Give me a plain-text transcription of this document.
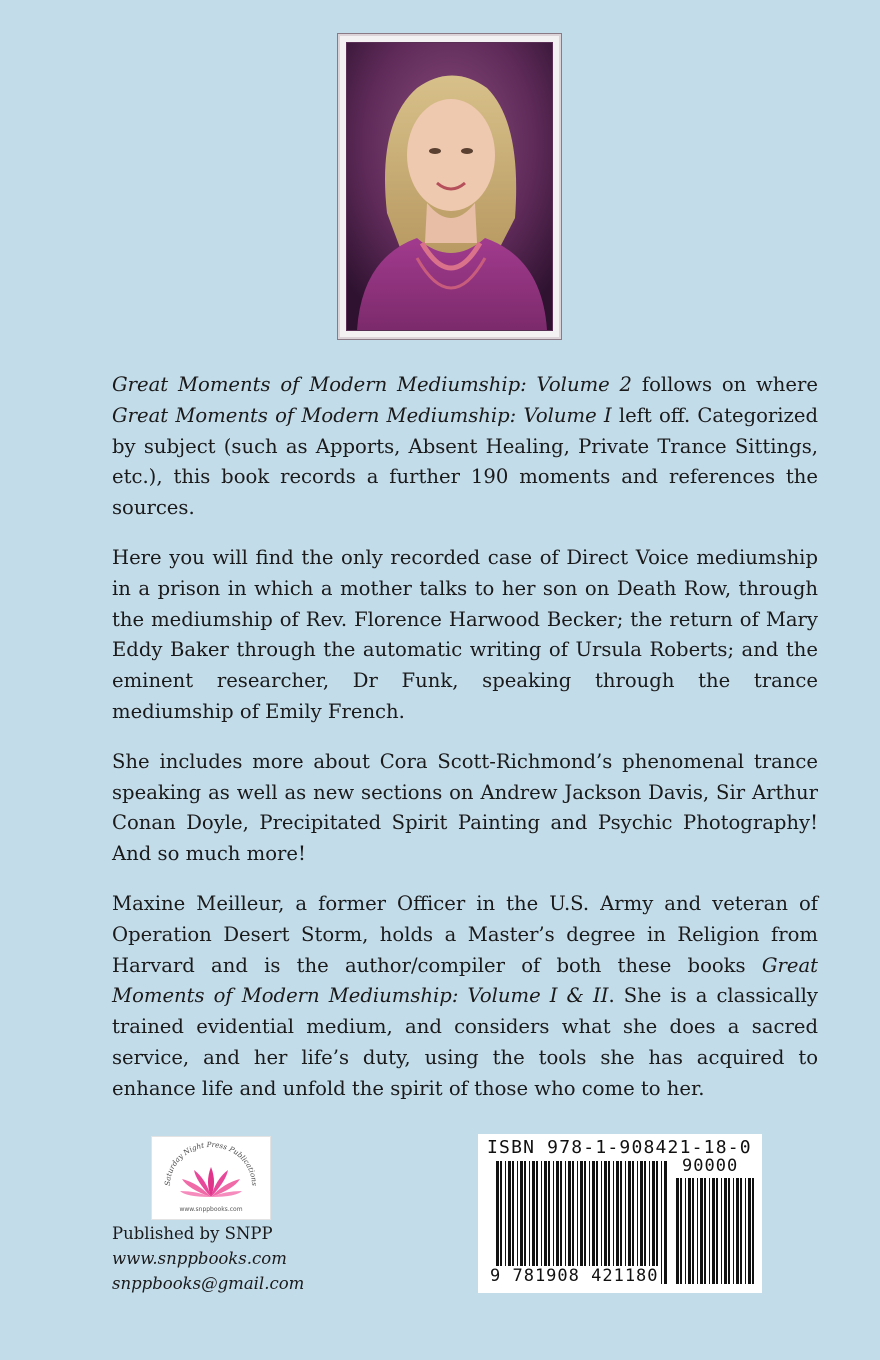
Great Moments of Modern Mediumship: Volume 2 follows on where Great Moments of Modern Mediumship: Volume I left off. Categorized by subject (such as Apports, Absent Healing, Private Trance Sittings, etc.), this book records a further 190 moments and references the sources.

Here you will find the only recorded case of Direct Voice mediumship in a prison in which a mother talks to her son on Death Row, through the mediumship of Rev. Florence Harwood Becker; the return of Mary Eddy Baker through the automatic writing of Ursula Roberts; and the eminent researcher, Dr Funk, speaking through the trance mediumship of Emily French.

She includes more about Cora Scott-Richmond’s phenomenal trance speaking as well as new sections on Andrew Jackson Davis, Sir Arthur Conan Doyle, Precipitated Spirit Painting and Psychic Photography! And so much more!

Maxine Meilleur, a former Officer in the U.S. Army and veteran of Operation Desert Storm, holds a Master’s degree in Religion from Harvard and is the author/compiler of both these books Great Moments of Modern Mediumship: Volume I & II. She is a classically trained evidential medium, and considers what she does a sacred service, and her life’s duty, using the tools she has acquired to enhance life and unfold the spirit of those who come to her.

Saturday Night Press Publications
www.snppbooks.com
Published by SNPP
www.snppbooks.com
snppbooks@gmail.com
ISBN 978-1-908421-18-0
9 781908 421180
90000
